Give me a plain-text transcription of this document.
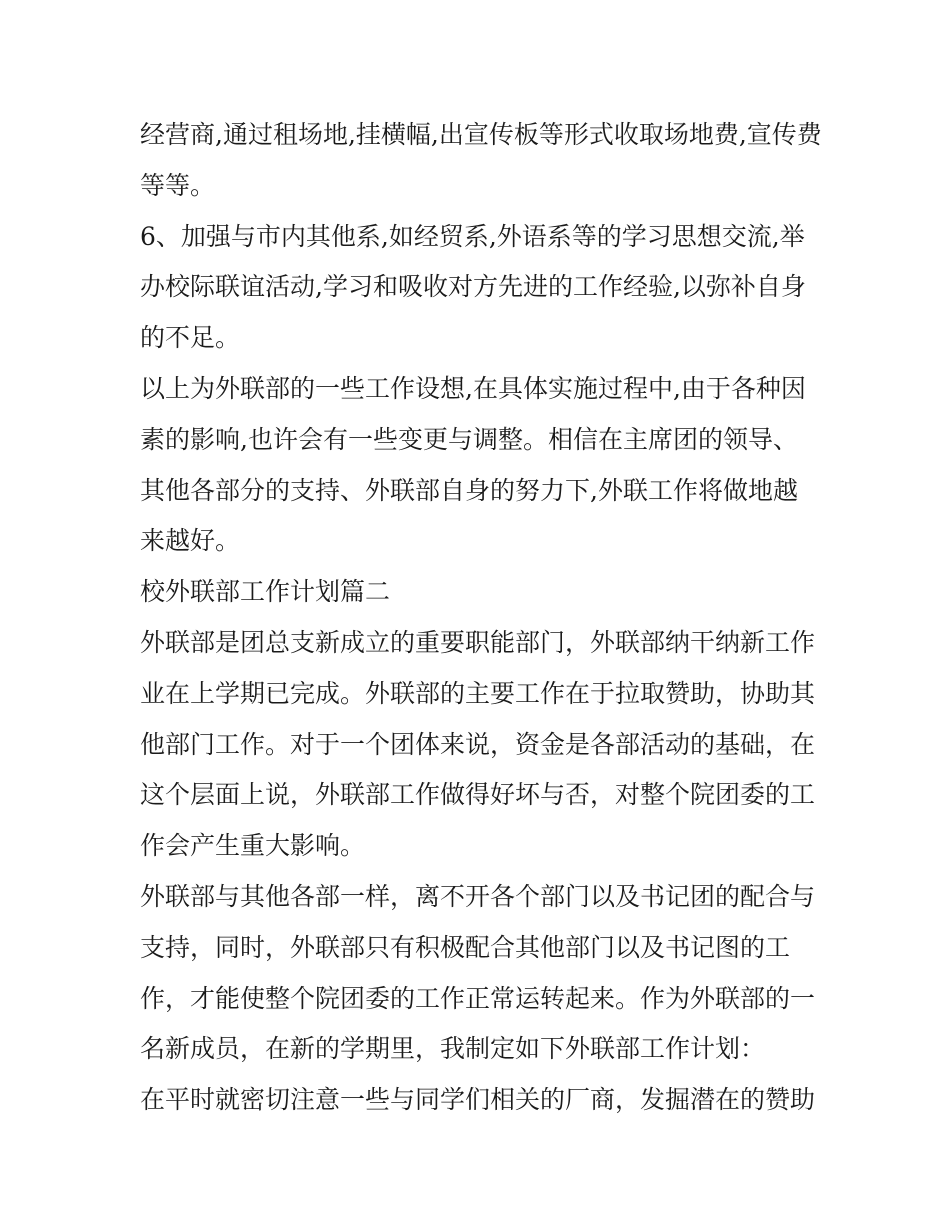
经营商,通过租场地,挂横幅,出宣传板等形式收取场地费,宣传费
等等。
6、加强与市内其他系,如经贸系,外语系等的学习思想交流,举
办校际联谊活动,学习和吸收对方先进的工作经验,以弥补自身
的不足。
以上为外联部的一些工作设想,在具体实施过程中,由于各种因
素的影响,也许会有一些变更与调整。相信在主席团的领导、
其他各部分的支持、外联部自身的努力下,外联工作将做地越
来越好。
校外联部工作计划篇二
外联部是团总支新成立的重要职能部门，外联部纳干纳新工作
业在上学期已完成。外联部的主要工作在于拉取赞助，协助其
他部门工作。对于一个团体来说，资金是各部活动的基础，在
这个层面上说，外联部工作做得好坏与否，对整个院团委的工
作会产生重大影响。
外联部与其他各部一样，离不开各个部门以及书记团的配合与
支持，同时，外联部只有积极配合其他部门以及书记图的工
作，才能使整个院团委的工作正常运转起来。作为外联部的一
名新成员，在新的学期里，我制定如下外联部工作计划：
在平时就密切注意一些与同学们相关的厂商，发掘潜在的赞助
